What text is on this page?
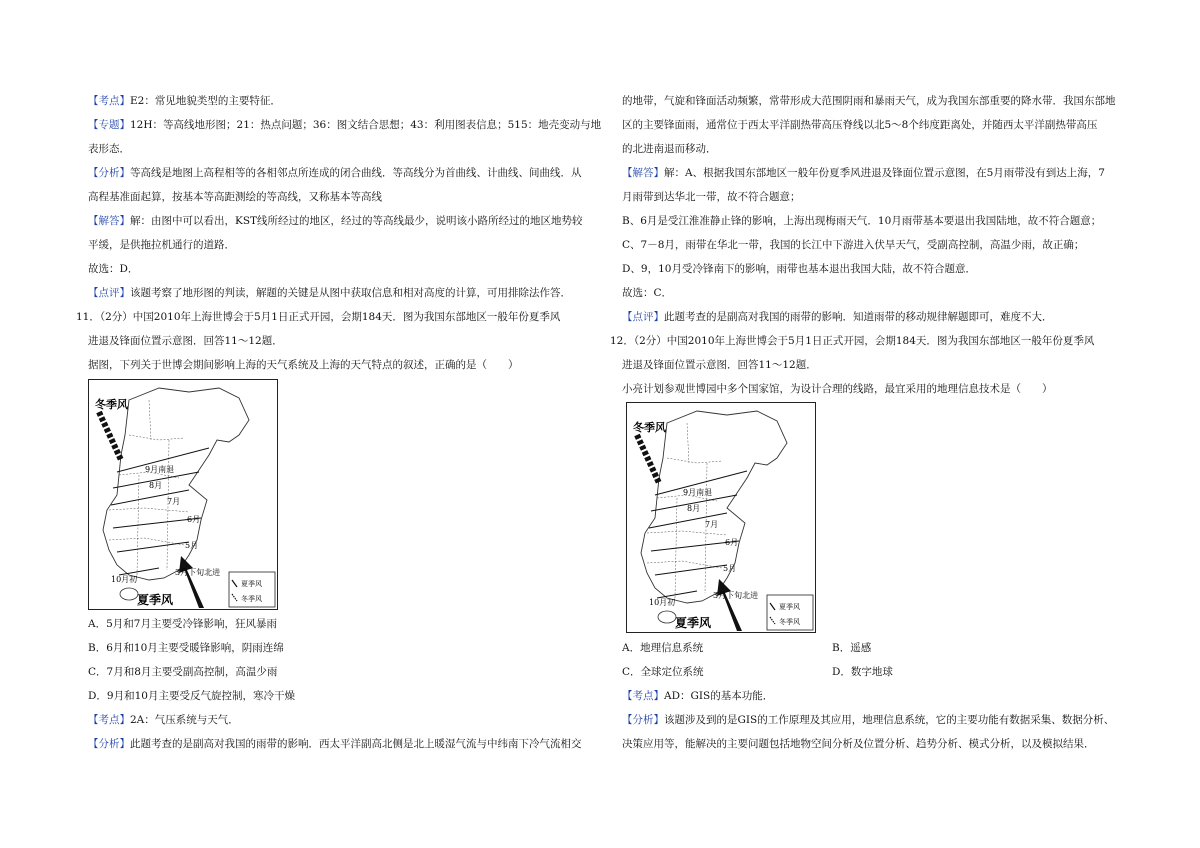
【考点】E2：常见地貌类型的主要特征．
【专题】12H：等高线地形图；21：热点问题；36：图文结合思想；43：利用图表信息；515：地壳变动与地
表形态．
【分析】等高线是地图上高程相等的各相邻点所连成的闭合曲线．等高线分为首曲线、计曲线、间曲线．从
高程基准面起算，按基本等高距测绘的等高线，又称基本等高线
【解答】解：由图中可以看出，KST线所经过的地区，经过的等高线最少，说明该小路所经过的地区地势较
平缓，是供拖拉机通行的道路．
故选：D．
【点评】该题考察了地形图的判读，解题的关键是从图中获取信息和相对高度的计算，可用排除法作答．
11．（2分）中国2010年上海世博会于5月1日正式开园，会期184天．图为我国东部地区一般年份夏季风
进退及锋面位置示意图．回答11～12题．
据图，下列关于世博会期间影响上海的天气系统及上海的天气特点的叙述，正确的是（　　）
A．5月和7月主要受冷锋影响，狂风暴雨
B．6月和10月主要受暖锋影响，阴雨连绵
C．7月和8月主要受副高控制，高温少雨
D．9月和10月主要受反气旋控制，寒冷干燥
【考点】2A：气压系统与天气．
【分析】此题考查的是副高对我国的雨带的影响．西太平洋副高北侧是北上暖湿气流与中纬南下冷气流相交
冬季风
9月南退
8月
7月
6月
5月
3月下旬北进
10月初
夏季风
夏季风
冬季风
的地带，气旋和锋面活动频繁，常带形成大范围阴雨和暴雨天气，成为我国东部重要的降水带．我国东部地
区的主要锋面雨，通常位于西太平洋副热带高压脊线以北5～8个纬度距离处，并随西太平洋副热带高压
的北进南退而移动．
【解答】解：A、根据我国东部地区一般年份夏季风进退及锋面位置示意图，在5月雨带没有到达上海，7
月雨带到达华北一带，故不符合题意；
B、6月是受江淮准静止锋的影响，上海出现梅雨天气．10月雨带基本要退出我国陆地，故不符合题意；
C、7－8月，雨带在华北一带，我国的长江中下游进入伏旱天气，受副高控制，高温少雨，故正确；
D、9，10月受冷锋南下的影响，雨带也基本退出我国大陆，故不符合题意．
故选：C．
【点评】此题考查的是副高对我国的雨带的影响．知道雨带的移动规律解题即可，难度不大．
12．（2分）中国2010年上海世博会于5月1日正式开园，会期184天．图为我国东部地区一般年份夏季风
进退及锋面位置示意图．回答11～12题．
小亮计划参观世博园中多个国家馆，为设计合理的线路，最宜采用的地理信息技术是（　　）
A．地理信息系统	B．遥感
C．全球定位系统	D．数字地球
【考点】AD：GIS的基本功能．
【分析】该题涉及到的是GIS的工作原理及其应用，地理信息系统，它的主要功能有数据采集、数据分析、
决策应用等，能解决的主要问题包括地物空间分析及位置分析、趋势分析、模式分析，以及模拟结果．
冬季风
9月南退
8月
7月
6月
5月
3月下旬北进
10月初
夏季风
夏季风
冬季风
